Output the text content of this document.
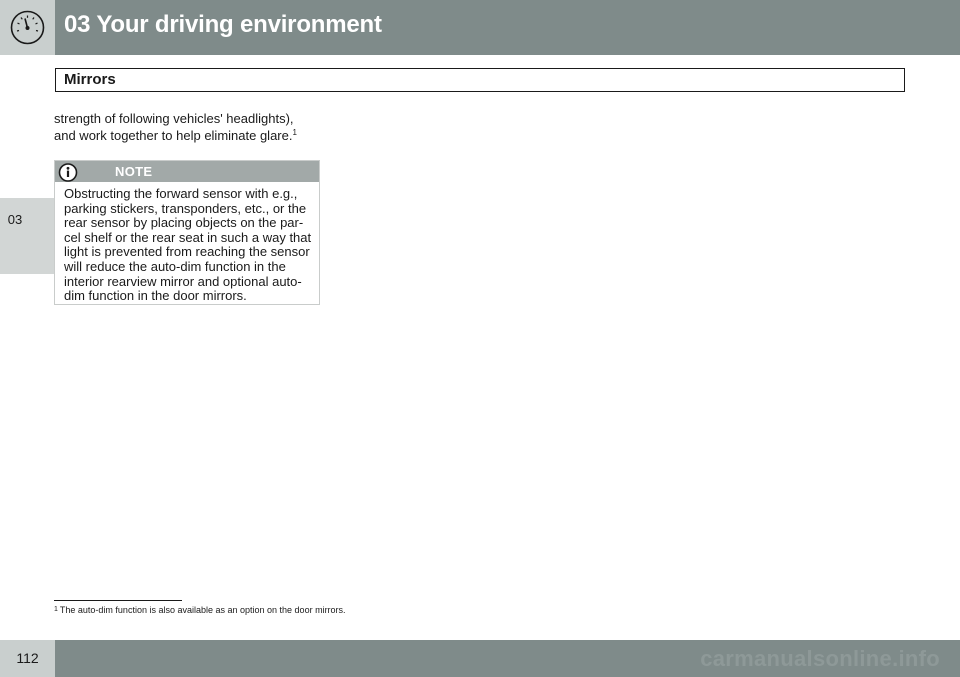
03 Your driving environment
03
Mirrors
strength of following vehicles' headlights),
and work together to help eliminate glare.$^1$
NOTE
Obstructing the forward sensor with e.g.,
parking stickers, transponders, etc., or the
rear sensor by placing objects on the par-
cel shelf or the rear seat in such a way that
light is prevented from reaching the sensor
will reduce the auto-dim function in the
interior rearview mirror and optional auto-
dim function in the door mirrors.
$^1$ The auto-dim function is also available as an option on the door mirrors.
112	carmanualsonline.info
